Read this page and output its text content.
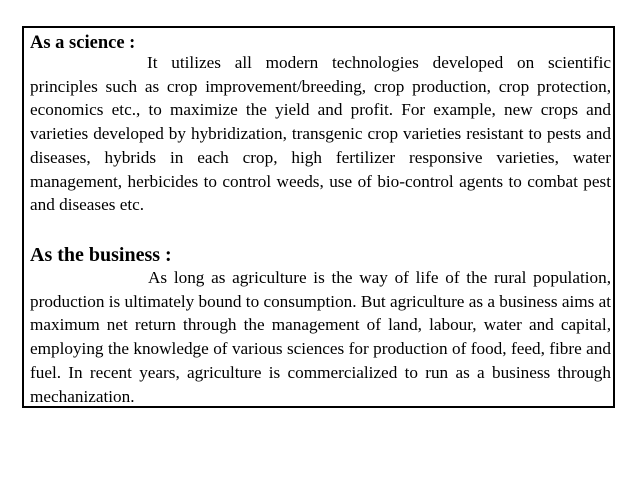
As a science :

It utilizes all modern technologies developed on scientific principles such as crop improvement/breeding, crop production, crop protection, economics etc., to maximize the yield and profit. For example, new crops and varieties developed by hybridization, transgenic crop varieties resistant to pests and diseases, hybrids in each crop, high fertilizer responsive varieties, water management, herbicides to control weeds, use of bio-control agents to combat pest and diseases etc.

As the business :

As long as agriculture is the way of life of the rural population, production is ultimately bound to consumption. But agriculture as a business aims at maximum net return through the management of land, labour, water and capital, employing the knowledge of various sciences for production of food, feed, fibre and fuel. In recent years, agriculture is commercialized to run as a business through mechanization.
